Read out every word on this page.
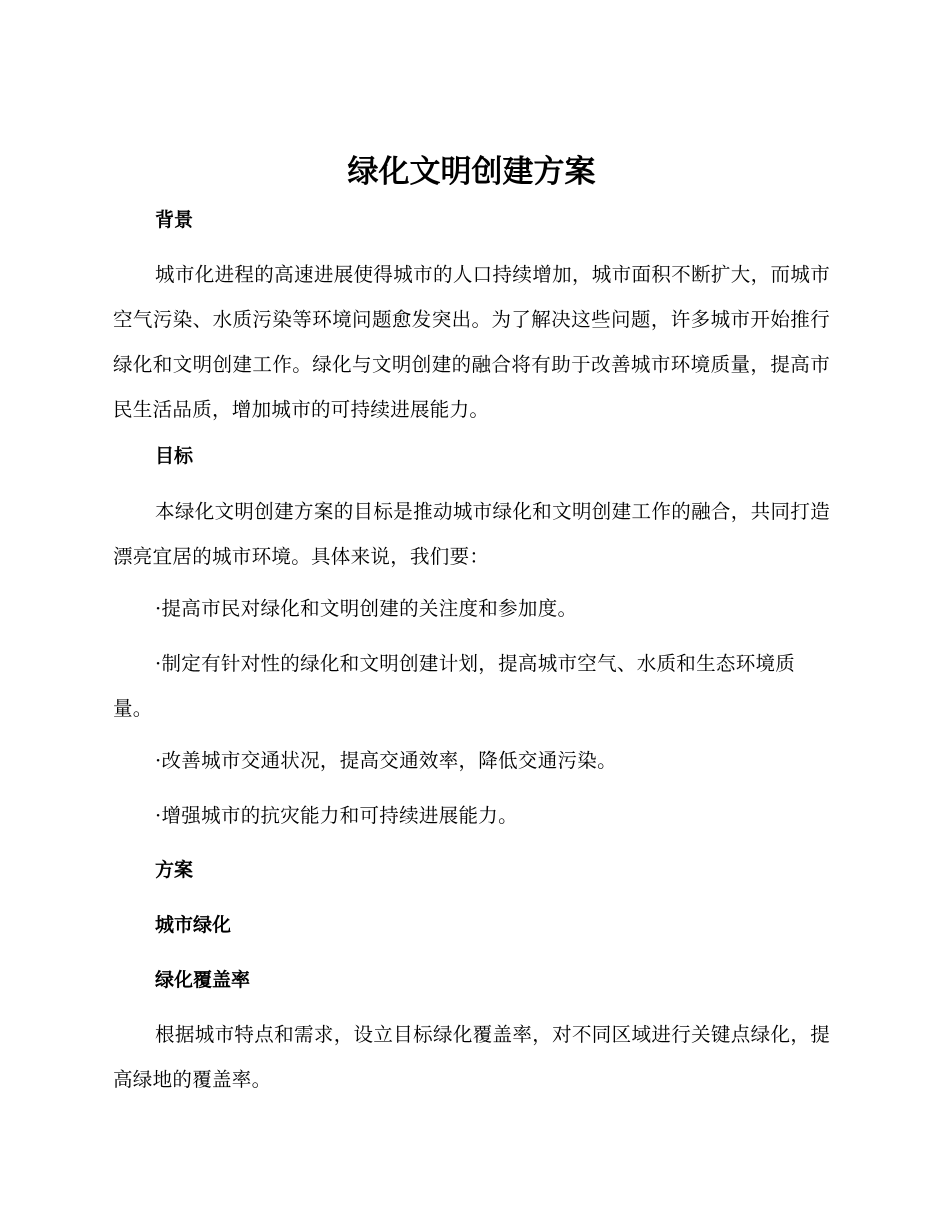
绿化文明创建方案
背景

城市化进程的高速进展使得城市的人口持续增加，城市面积不断扩大，而城市空气污染、水质污染等环境问题愈发突出。为了解决这些问题，许多城市开始推行绿化和文明创建工作。绿化与文明创建的融合将有助于改善城市环境质量，提高市民生活品质，增加城市的可持续进展能力。

目标

本绿化文明创建方案的目标是推动城市绿化和文明创建工作的融合，共同打造漂亮宜居的城市环境。具体来说，我们要：

·提高市民对绿化和文明创建的关注度和参加度。

·制定有针对性的绿化和文明创建计划，提高城市空气、水质和生态环境质量。

·改善城市交通状况，提高交通效率，降低交通污染。

·增强城市的抗灾能力和可持续进展能力。

方案
城市绿化
绿化覆盖率

根据城市特点和需求，设立目标绿化覆盖率，对不同区域进行关键点绿化，提高绿地的覆盖率。
